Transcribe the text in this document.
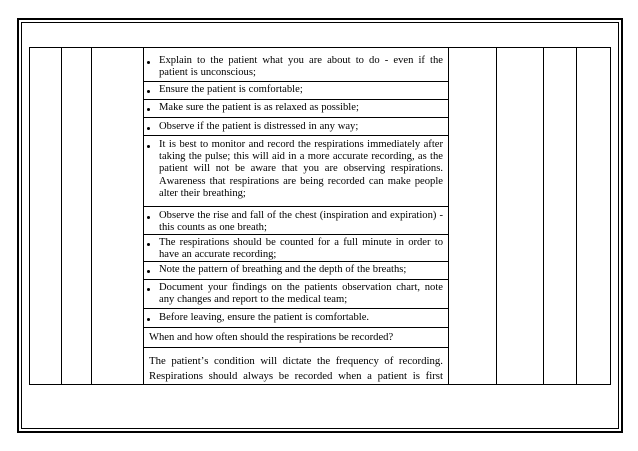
Explain to the patient what you are about to do - even if the patient is unconscious;

Ensure the patient is comfortable;

Make sure the patient is as relaxed as possible;

Observe if the patient is distressed in any way;

It is best to monitor and record the respirations immediately after taking the pulse; this will aid in a more accurate recording, as the patient will not be aware that you are observing respirations. Awareness that respirations are being recorded can make people alter their breathing;

Observe the rise and fall of the chest (inspiration and expiration) - this counts as one breath;

The respirations should be counted for a full minute in order to have an accurate recording;

Note the pattern of breathing and the depth of the breaths;

Document your findings on the patients observation chart, note any changes and report to the medical team;

Before leaving, ensure the patient is comfortable.

When and how often should the respirations be recorded?

The patient’s condition will dictate the frequency of recording. Respirations should always be recorded when a patient is first
